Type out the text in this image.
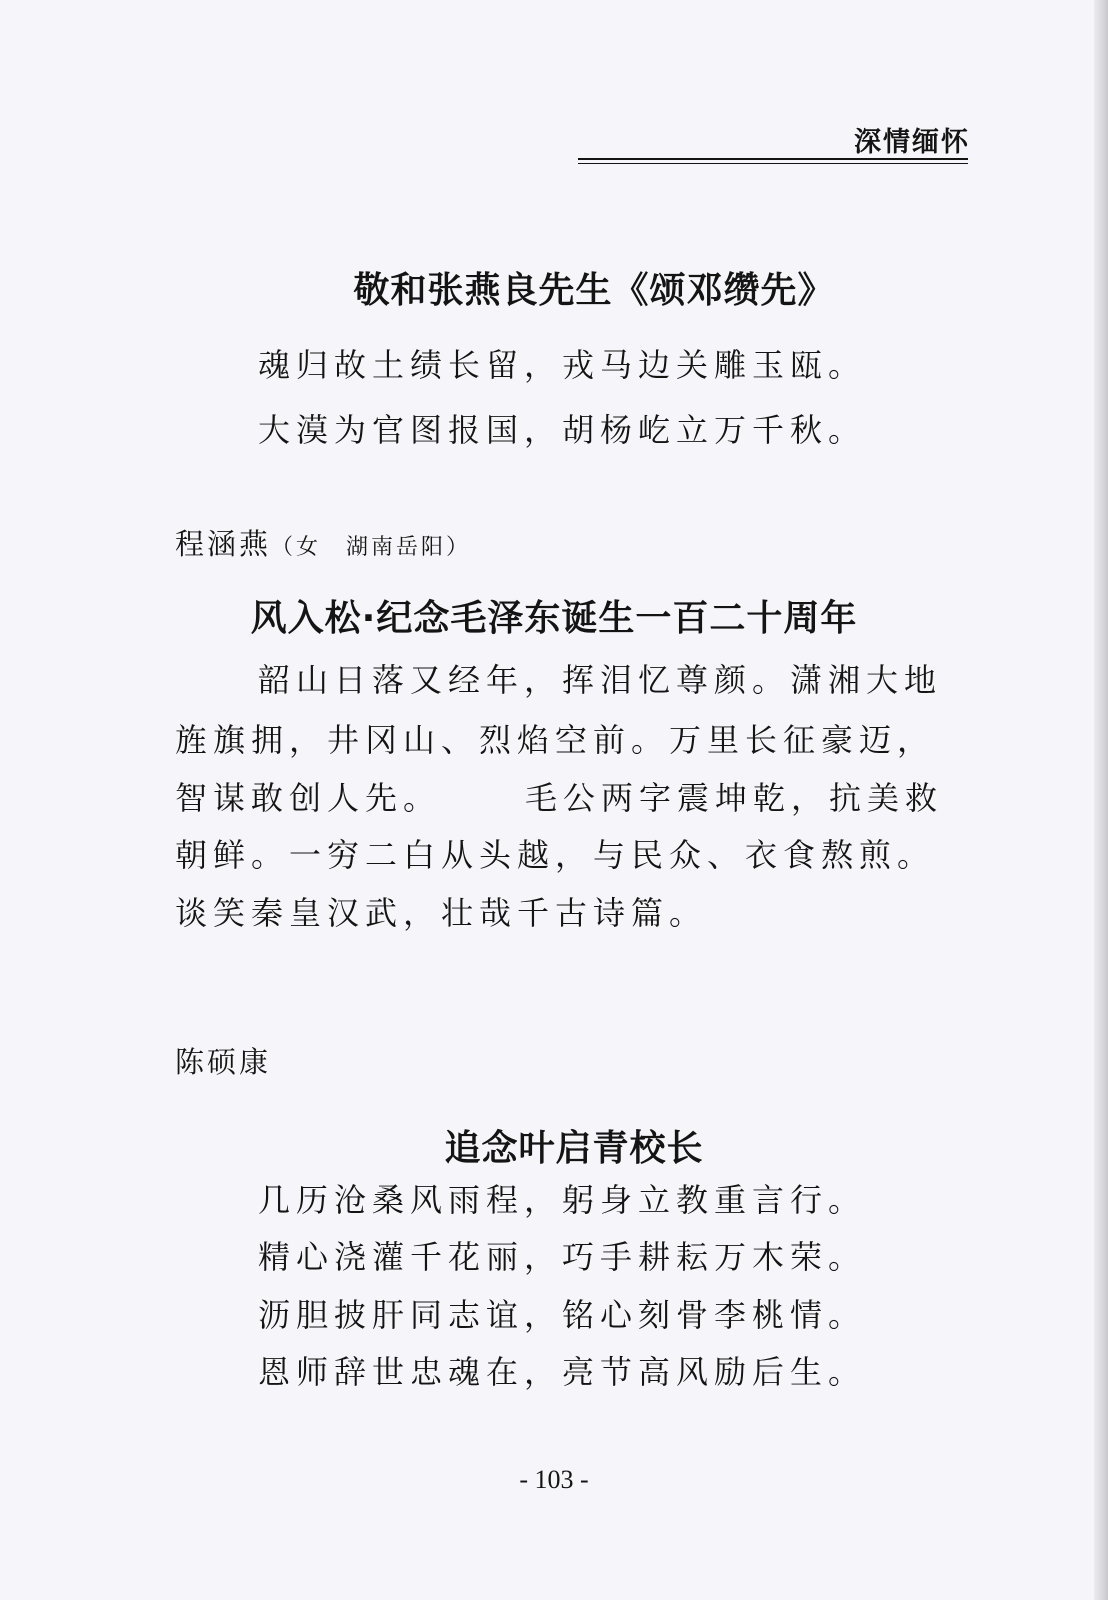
深情缅怀
敬和张燕良先生《颂邓缵先》
魂归故土绩长留，戎马边关雕玉瓯。
大漠为官图报国，胡杨屹立万千秋。
程涵燕（女　湖南岳阳）
风入松·纪念毛泽东诞生一百二十周年
韶山日落又经年，挥泪忆尊颜。潇湘大地
旌旗拥，井冈山、烈焰空前。万里长征豪迈，
智谋敢创人先。	毛公两字震坤乾，抗美救
朝鲜。一穷二白从头越，与民众、衣食熬煎。
谈笑秦皇汉武，壮哉千古诗篇。
陈硕康
追念叶启青校长
几历沧桑风雨程，躬身立教重言行。
精心浇灌千花丽，巧手耕耘万木荣。
沥胆披肝同志谊，铭心刻骨李桃情。
恩师辞世忠魂在，亮节高风励后生。
- 103 -
